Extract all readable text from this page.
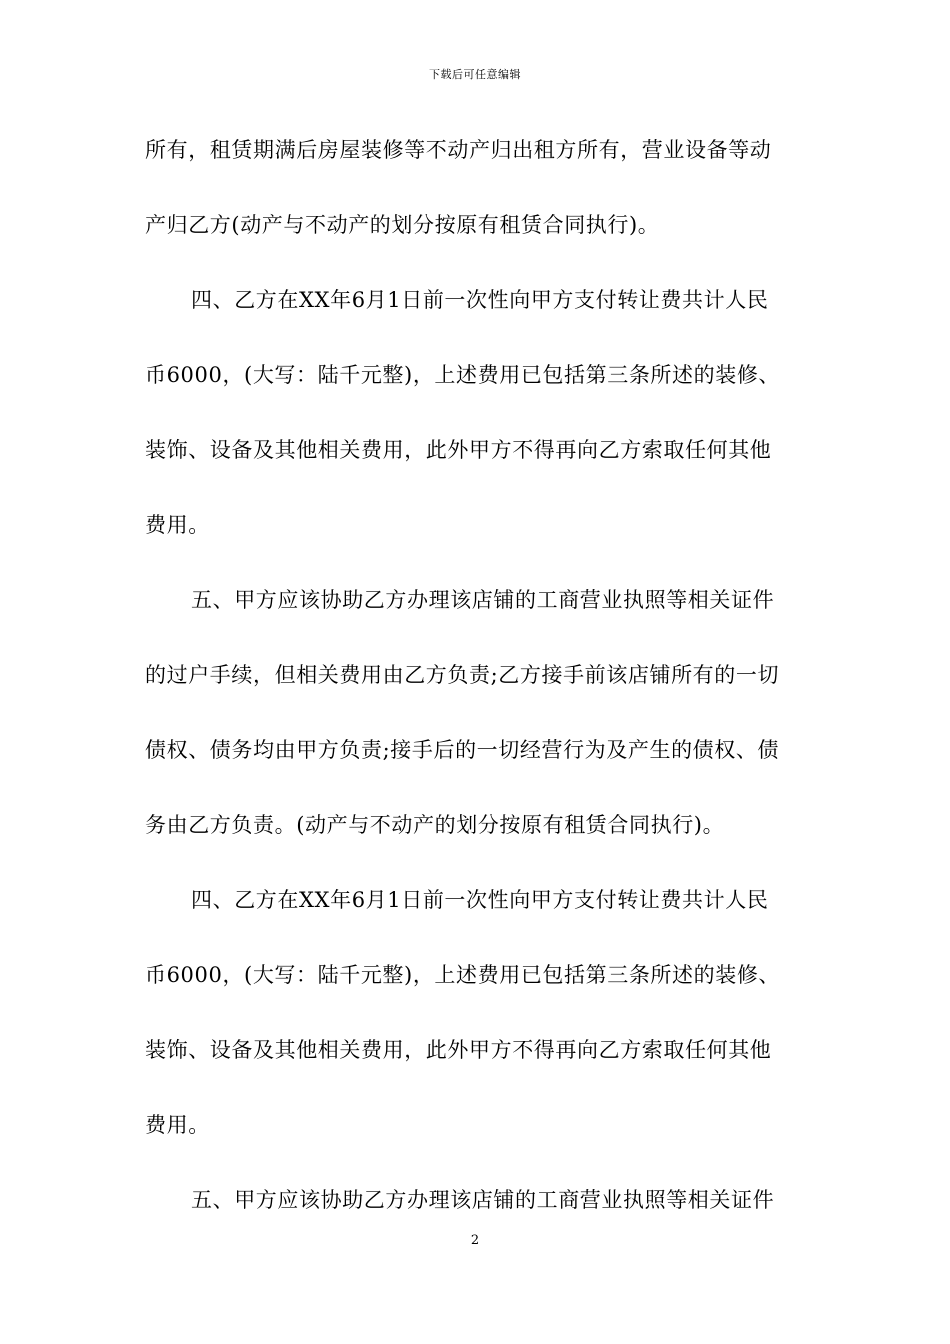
下载后可任意编辑
所有，租赁期满后房屋装修等不动产归出租方所有，营业设备等动
产归乙方(动产与不动产的划分按原有租赁合同执行)。
四、乙方在XX年6月1日前一次性向甲方支付转让费共计人民
币6000，(大写：陆千元整)，上述费用已包括第三条所述的装修、
装饰、设备及其他相关费用，此外甲方不得再向乙方索取任何其他
费用。
五、甲方应该协助乙方办理该店铺的工商营业执照等相关证件
的过户手续，但相关费用由乙方负责;乙方接手前该店铺所有的一切
债权、债务均由甲方负责;接手后的一切经营行为及产生的债权、债
务由乙方负责。(动产与不动产的划分按原有租赁合同执行)。
四、乙方在XX年6月1日前一次性向甲方支付转让费共计人民
币6000，(大写：陆千元整)，上述费用已包括第三条所述的装修、
装饰、设备及其他相关费用，此外甲方不得再向乙方索取任何其他
费用。
五、甲方应该协助乙方办理该店铺的工商营业执照等相关证件
2
